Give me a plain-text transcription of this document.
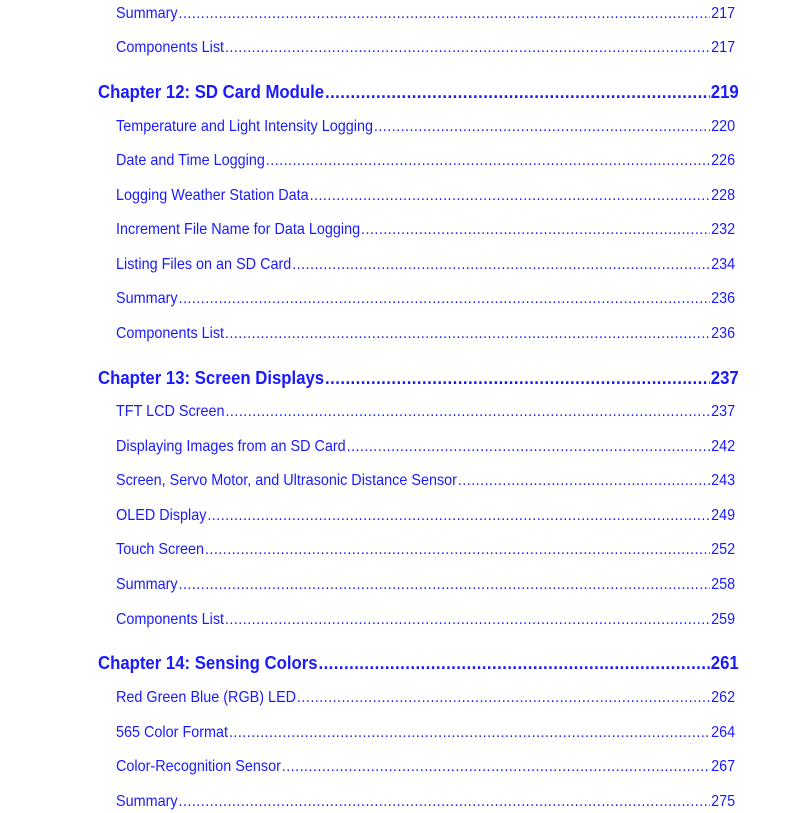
Summary .....	217
Components List .....	217
Chapter 12: SD Card Module .....	219
Temperature and Light Intensity Logging .....	220
Date and Time Logging .....	226
Logging Weather Station Data .....	228
Increment File Name for Data Logging .....	232
Listing Files on an SD Card .....	234
Summary .....	236
Components List .....	236
Chapter 13: Screen Displays .....	237
TFT LCD Screen .....	237
Displaying Images from an SD Card .....	242
Screen, Servo Motor, and Ultrasonic Distance Sensor .....	243
OLED Display .....	249
Touch Screen .....	252
Summary .....	258
Components List .....	259
Chapter 14: Sensing Colors .....	261
Red Green Blue (RGB) LED .....	262
565 Color Format .....	264
Color-Recognition Sensor .....	267
Summary .....	275
